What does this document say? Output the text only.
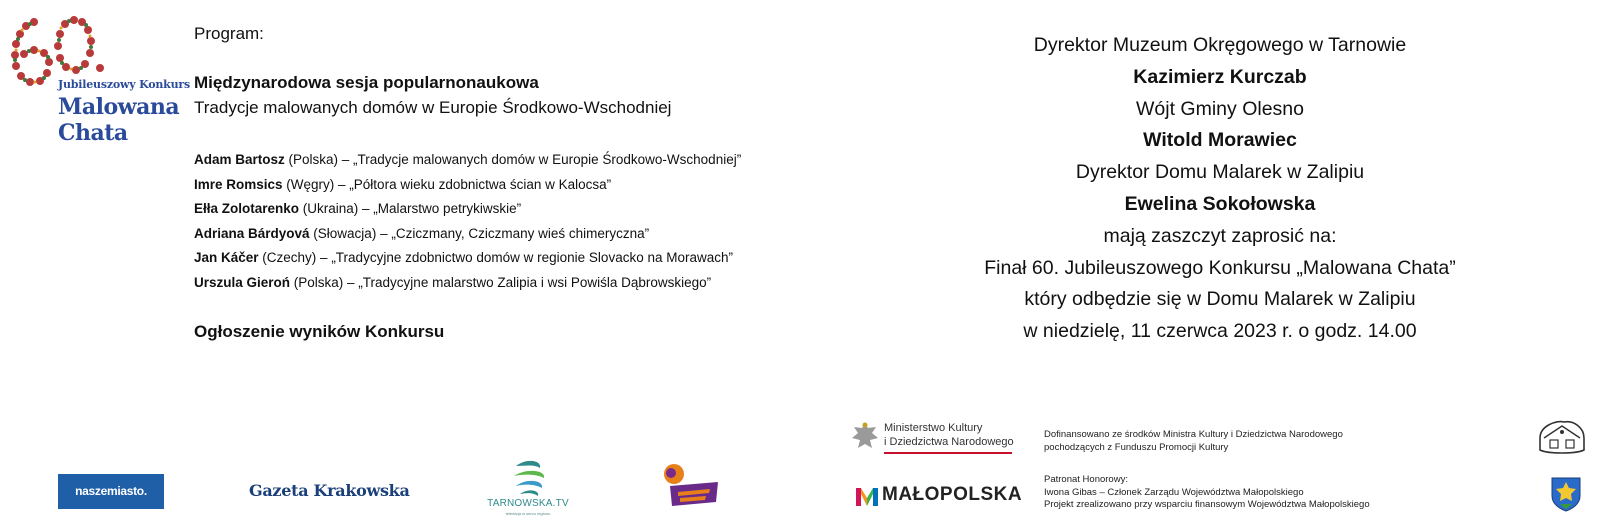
Jubileuszowy Konkurs
Malowana
Chata
Program:
Międzynarodowa sesja popularnonaukowa
Tradycje malowanych domów w Europie Środkowo-Wschodniej
Adam Bartosz (Polska) – „Tradycje malowanych domów w Europie Środkowo-Wschodniej”
Imre Romsics (Węgry) – „Półtora wieku zdobnictwa ścian w Kalocsa”
Ełła Zolotarenko (Ukraina) – „Malarstwo petrykiwskie”
Adriana Bárdyová (Słowacja) – „Cziczmany, Cziczmany wieś chimeryczna”
Jan Káčer (Czechy) – „Tradycyjne zdobnictwo domów w regionie Slovacko na Morawach”
Urszula Gieroń (Polska) – „Tradycyjne malarstwo Zalipia i wsi Powiśla Dąbrowskiego”
Ogłoszenie wyników Konkursu
Dyrektor Muzeum Okręgowego w Tarnowie
Kazimierz Kurczab
Wójt Gminy Olesno
Witold Morawiec
Dyrektor Domu Malarek w Zalipiu
Ewelina Sokołowska
mają zaszczyt zaprosić na:
Finał 60. Jubileuszowego Konkursu „Malowana Chata”
który odbędzie się w Domu Malarek w Zalipiu
w niedzielę, 11 czerwca 2023 r. o godz. 14.00
naszemiasto.	Gazeta Krakowska
TARNOWSKA.TV
telewizja w sercu regionu
Ministerstwo Kultury
i Dziedzictwa Narodowego
MAŁOPOLSKA
Dofinansowano ze środków Ministra Kultury i Dziedzictwa Narodowego
pochodzących z Funduszu Promocji Kultury
Patronat Honorowy:
Iwona Gibas – Członek Zarządu Województwa Małopolskiego
Projekt zrealizowano przy wsparciu finansowym Województwa Małopolskiego
